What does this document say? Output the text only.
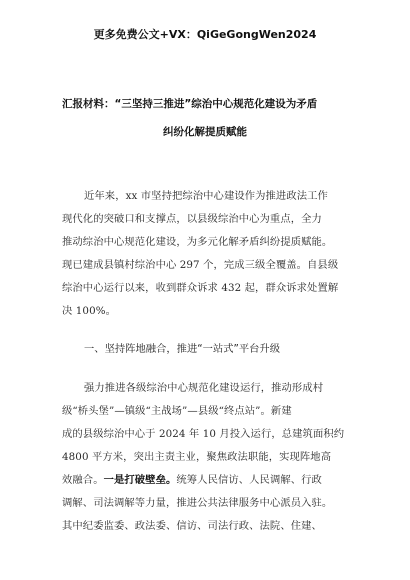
更多免费公文+VX：QiGeGongWen2024
汇报材料：“三坚持三推进”综治中心规范化建设为矛盾
纠纷化解提质赋能
近年来，xx 市坚持把综治中心建设作为推进政法工作
现代化的突破口和支撑点，以县级综治中心为重点，全力
推动综治中心规范化建设，为多元化解矛盾纠纷提质赋能。
现已建成县镇村综治中心 297 个，完成三级全覆盖。自县级
综治中心运行以来，收到群众诉求 432 起，群众诉求处置解
决 100%。
一、坚持阵地融合，推进“一站式”平台升级
强力推进各级综治中心规范化建设运行，推动形成村
级“桥头堡”—镇级“主战场”—县级“终点站”。新建
成的县级综治中心于 2024 年 10 月投入运行，总建筑面积约
4800 平方米，突出主责主业，聚焦政法职能，实现阵地高
效融合。一是打破壁垒。统筹人民信访、人民调解、行政
调解、司法调解等力量，推进公共法律服务中心派员入驻。
其中纪委监委、政法委、信访、司法行政、法院、住建、
